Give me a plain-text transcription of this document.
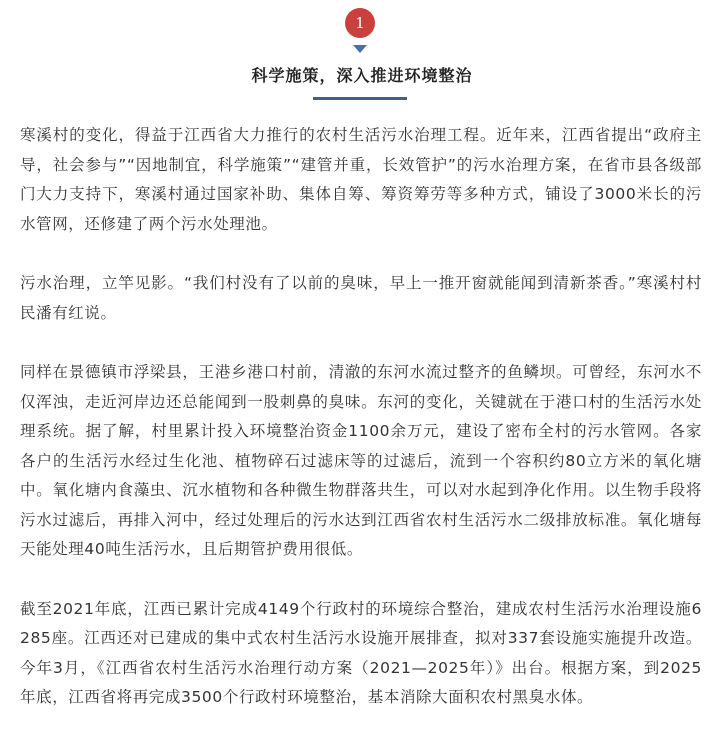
1
科学施策，深入推进环境整治

寒溪村的变化，得益于江西省大力推行的农村生活污水治理工程。近年来，江西省提出“政府主导，社会参与”“因地制宜，科学施策”“建管并重，长效管护”的污水治理方案，在省市县各级部门大力支持下，寒溪村通过国家补助、集体自筹、筹资筹劳等多种方式，铺设了3000米长的污水管网，还修建了两个污水处理池。

污水治理，立竿见影。“我们村没有了以前的臭味，早上一推开窗就能闻到清新茶香。”寒溪村村民潘有红说。

同样在景德镇市浮梁县，王港乡港口村前，清澈的东河水流过整齐的鱼鳞坝。可曾经，东河水不仅浑浊，走近河岸边还总能闻到一股刺鼻的臭味。东河的变化，关键就在于港口村的生活污水处理系统。据了解，村里累计投入环境整治资金1100余万元，建设了密布全村的污水管网。各家各户的生活污水经过生化池、植物碎石过滤床等的过滤后，流到一个容积约80立方米的氧化塘中。氧化塘内食藻虫、沉水植物和各种微生物群落共生，可以对水起到净化作用。以生物手段将污水过滤后，再排入河中，经过处理后的污水达到江西省农村生活污水二级排放标准。氧化塘每天能处理40吨生活污水，且后期管护费用很低。

截至2021年底，江西已累计完成4149个行政村的环境综合整治，建成农村生活污水治理设施6285座。江西还对已建成的集中式农村生活污水设施开展排查，拟对337套设施实施提升改造。今年3月，《江西省农村生活污水治理行动方案（2021—2025年）》出台。根据方案，到2025年底，江西省将再完成3500个行政村环境整治，基本消除大面积农村黑臭水体。
